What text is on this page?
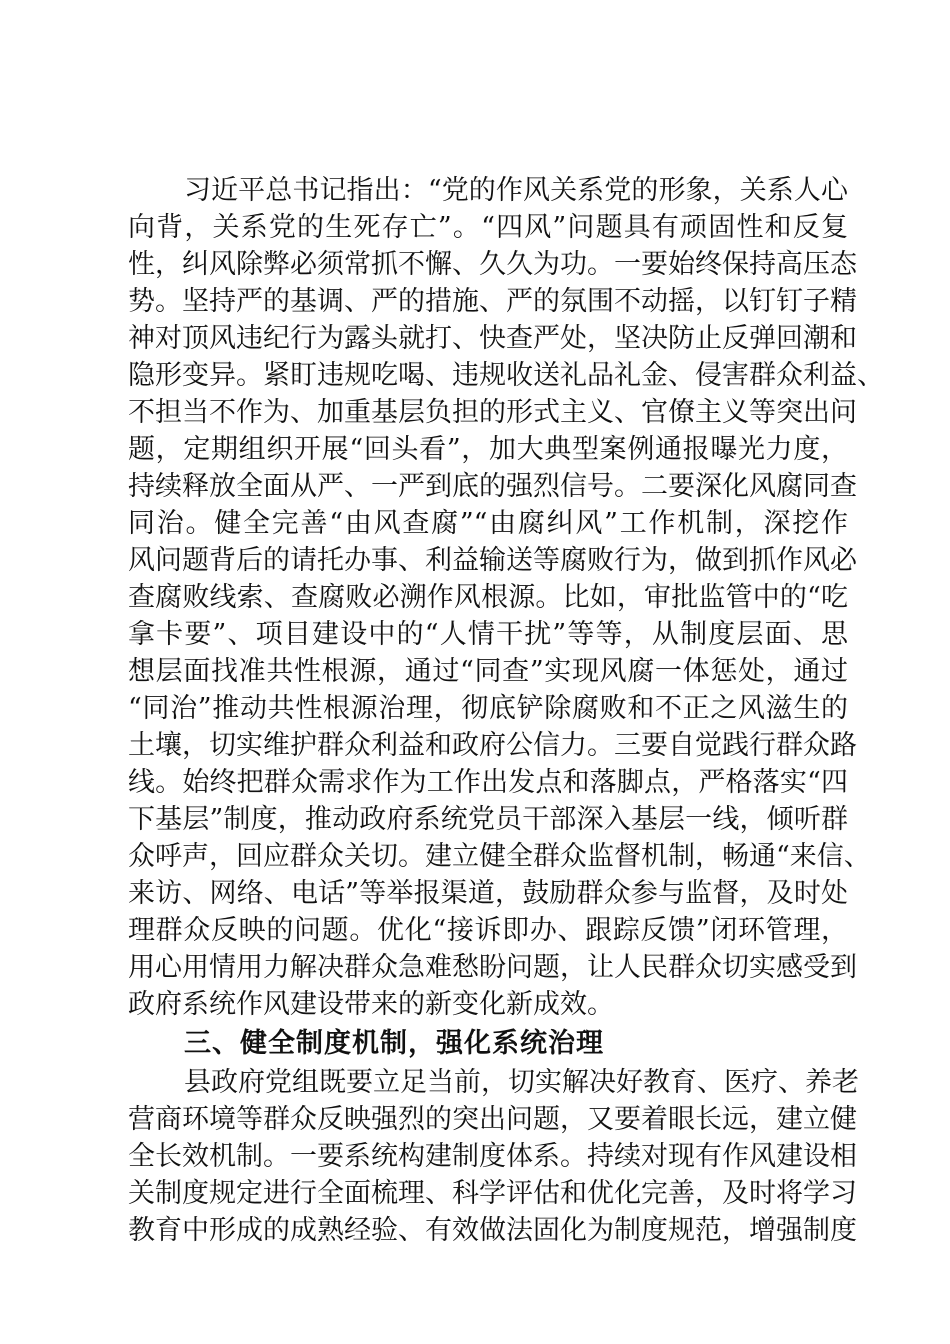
习近平总书记指出：“党的作风关系党的形象，关系人心
向背，关系党的生死存亡”。“四风”问题具有顽固性和反复
性，纠风除弊必须常抓不懈、久久为功。一要始终保持高压态
势。坚持严的基调、严的措施、严的氛围不动摇，以钉钉子精
神对顶风违纪行为露头就打、快查严处，坚决防止反弹回潮和
隐形变异。紧盯违规吃喝、违规收送礼品礼金、侵害群众利益、
不担当不作为、加重基层负担的形式主义、官僚主义等突出问
题，定期组织开展“回头看”，加大典型案例通报曝光力度，
持续释放全面从严、一严到底的强烈信号。二要深化风腐同查
同治。健全完善“由风查腐”“由腐纠风”工作机制，深挖作
风问题背后的请托办事、利益输送等腐败行为，做到抓作风必
查腐败线索、查腐败必溯作风根源。比如，审批监管中的“吃
拿卡要”、项目建设中的“人情干扰”等等，从制度层面、思
想层面找准共性根源，通过“同查”实现风腐一体惩处，通过
“同治”推动共性根源治理，彻底铲除腐败和不正之风滋生的
土壤，切实维护群众利益和政府公信力。三要自觉践行群众路
线。始终把群众需求作为工作出发点和落脚点，严格落实“四
下基层”制度，推动政府系统党员干部深入基层一线，倾听群
众呼声，回应群众关切。建立健全群众监督机制，畅通“来信、
来访、网络、电话”等举报渠道，鼓励群众参与监督，及时处
理群众反映的问题。优化“接诉即办、跟踪反馈”闭环管理，
用心用情用力解决群众急难愁盼问题，让人民群众切实感受到
政府系统作风建设带来的新变化新成效。
三、健全制度机制，强化系统治理
县政府党组既要立足当前，切实解决好教育、医疗、养老
营商环境等群众反映强烈的突出问题，又要着眼长远，建立健
全长效机制。一要系统构建制度体系。持续对现有作风建设相
关制度规定进行全面梳理、科学评估和优化完善，及时将学习
教育中形成的成熟经验、有效做法固化为制度规范，增强制度
